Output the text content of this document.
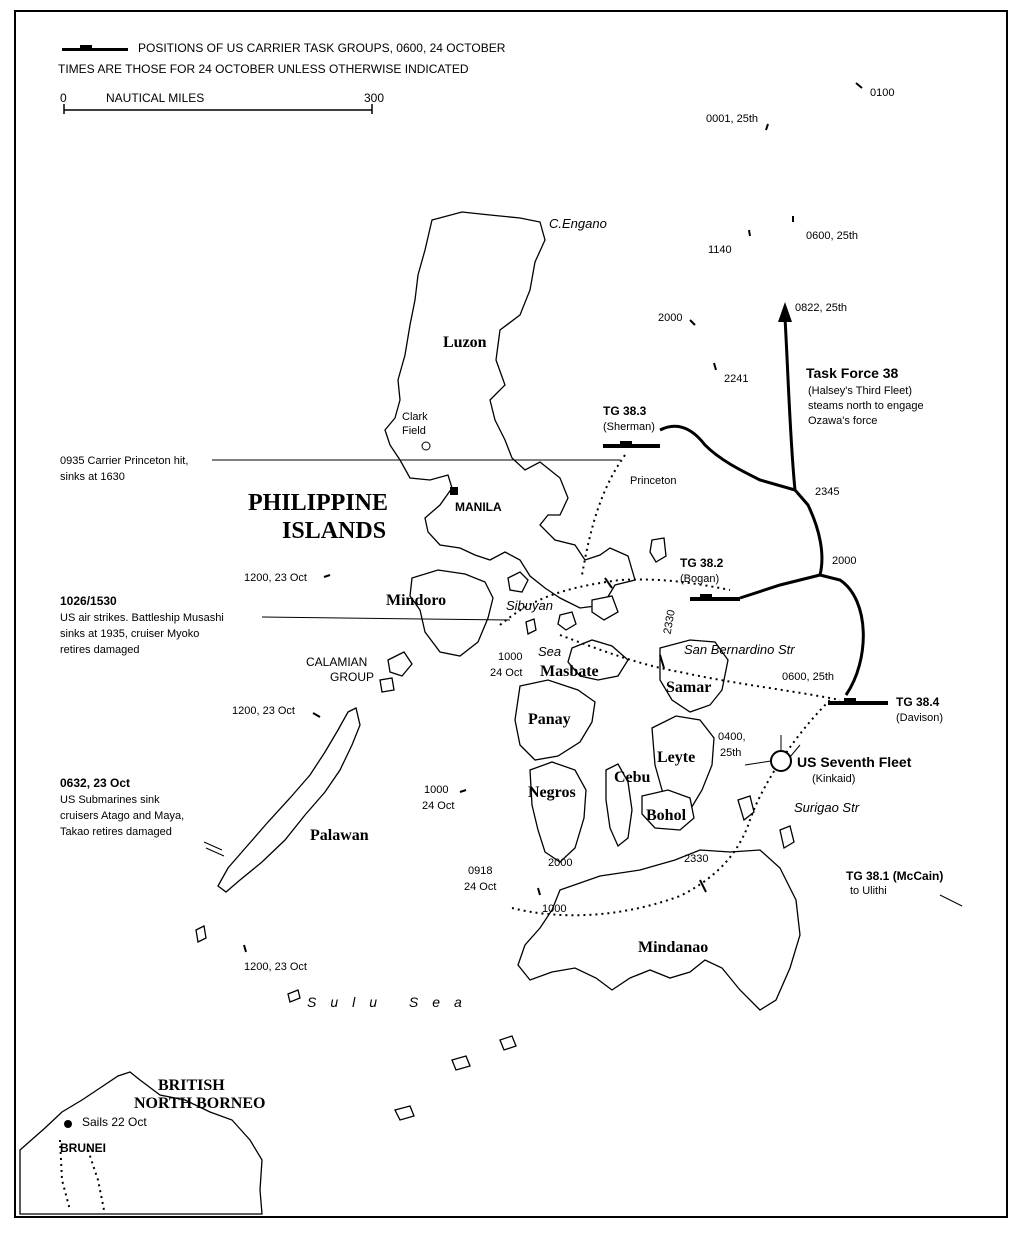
POSITIONS OF US CARRIER TASK GROUPS, 0600, 24 OCTOBER
TIMES ARE THOSE FOR 24 OCTOBER UNLESS OTHERWISE INDICATED
0	NAUTICAL MILES	300
PHILIPPINE
ISLANDS
Luzon
Mindoro
Masbate
Samar
Panay
Leyte
Cebu
Negros
Bohol
Palawan
Mindanao
CALAMIAN
GROUP
BRITISH
NORTH BORNEO
C.Engano
Clark
Field
MANILA
BRUNEI
Sails 22 Oct
Sibuyan
Sea	San Bernardino Str
Surigao Str
Sulu Sea
TG 38.3
(Sherman)
Princeton
TG 38.2
(Bogan)
TG 38.4
(Davison)
TG 38.1 (McCain)
to Ulithi
Task Force 38
(Halsey's Third Fleet)
steams north to engage
Ozawa's force
US Seventh Fleet
(Kinkaid)
0935 Carrier Princeton hit,
sinks at 1630
1026/1530
US air strikes. Battleship Musashi
sinks at 1935, cruiser Myoko
retires damaged
0632, 23 Oct
US Submarines sink
cruisers Atago and Maya,
Takao retires damaged
0100
0001, 25th
1140
0600, 25th
0822, 25th
2000
2241
2345
2000
1200, 23 Oct
2330
1000
24 Oct	0600, 25th
1200, 23 Oct
0400,
25th
1000
24 Oct
0918
24 Oct
2000	2330
1000
1200, 23 Oct
